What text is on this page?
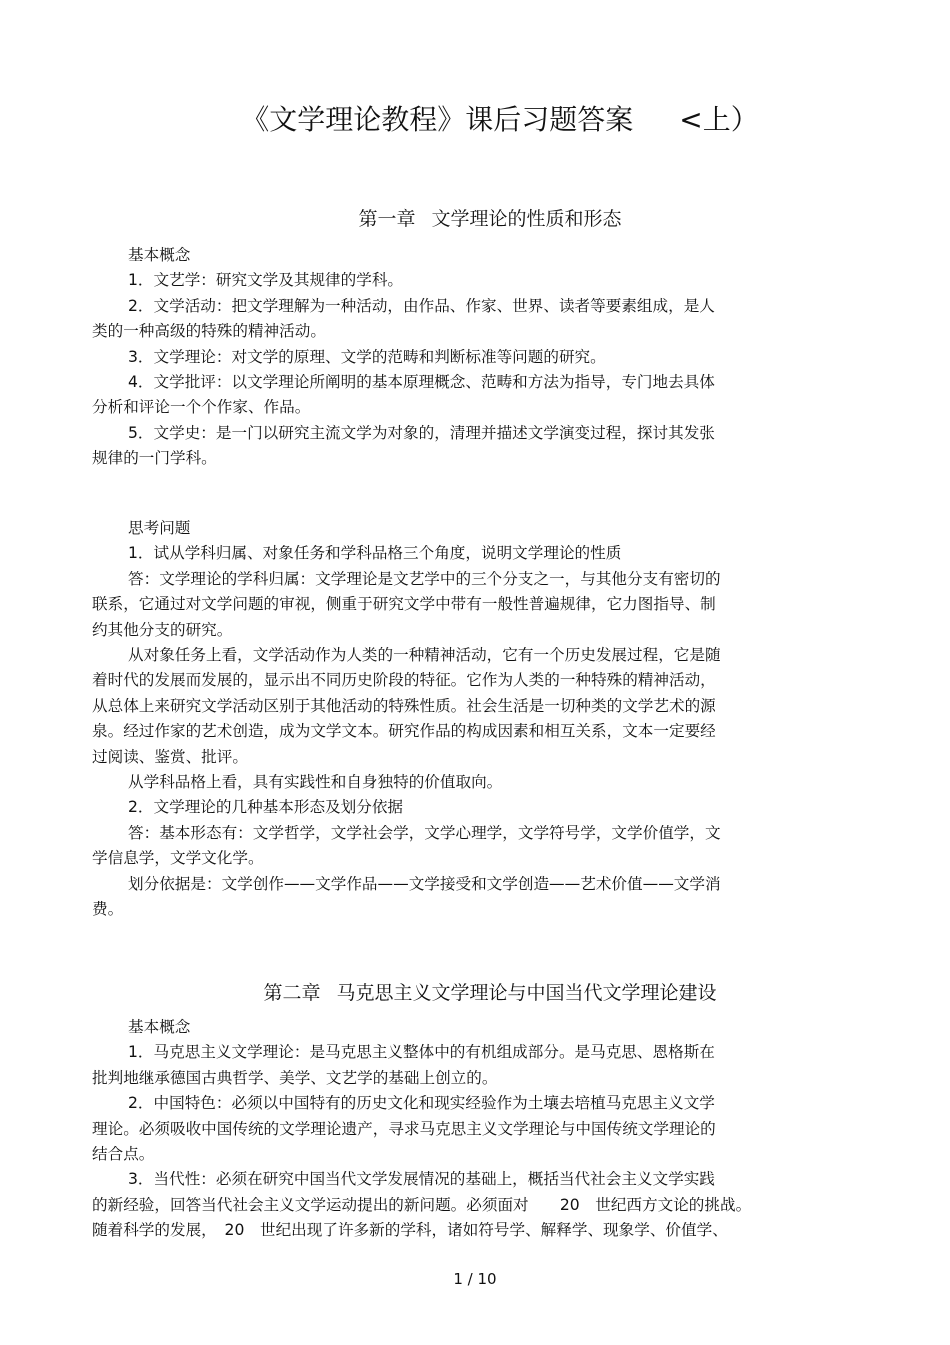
《文学理论教程》课后习题答案 <上）
第一章 文学理论的性质和形态

基本概念

1．文艺学：研究文学及其规律的学科。

2．文学活动：把文学理解为一种活动，由作品、作家、世界、读者等要素组成，是人

类的一种高级的特殊的精神活动。

3．文学理论：对文学的原理、文学的范畴和判断标准等问题的研究。

4．文学批评：以文学理论所阐明的基本原理概念、范畴和方法为指导，专门地去具体

分析和评论一个个作家、作品。

5．文学史：是一门以研究主流文学为对象的，清理并描述文学演变过程，探讨其发张

规律的一门学科。

思考问题

1．试从学科归属、对象任务和学科品格三个角度，说明文学理论的性质

答：文学理论的学科归属：文学理论是文艺学中的三个分支之一，与其他分支有密切的

联系，它通过对文学问题的审视，侧重于研究文学中带有一般性普遍规律，它力图指导、制

约其他分支的研究。

从对象任务上看，文学活动作为人类的一种精神活动，它有一个历史发展过程，它是随

着时代的发展而发展的，显示出不同历史阶段的特征。它作为人类的一种特殊的精神活动，

从总体上来研究文学活动区别于其他活动的特殊性质。社会生活是一切种类的文学艺术的源

泉。经过作家的艺术创造，成为文学文本。研究作品的构成因素和相互关系，文本一定要经

过阅读、鉴赏、批评。

从学科品格上看，具有实践性和自身独特的价值取向。

2．文学理论的几种基本形态及划分依据

答：基本形态有：文学哲学，文学社会学，文学心理学，文学符号学，文学价值学，文

学信息学，文学文化学。

划分依据是：文学创作——文学作品——文学接受和文学创造——艺术价值——文学消

费。

第二章 马克思主义文学理论与中国当代文学理论建设

基本概念

1．马克思主义文学理论：是马克思主义整体中的有机组成部分。是马克思、恩格斯在

批判地继承德国古典哲学、美学、文艺学的基础上创立的。

2．中国特色：必须以中国特有的历史文化和现实经验作为土壤去培植马克思主义文学

理论。必须吸收中国传统的文学理论遗产，寻求马克思主义文学理论与中国传统文学理论的

结合点。

3．当代性：必须在研究中国当代文学发展情况的基础上，概括当代社会主义文学实践

的新经验，回答当代社会主义文学运动提出的新问题。必须面对　　20　世纪西方文论的挑战。

随着科学的发展，　20　世纪出现了许多新的学科，诸如符号学、解释学、现象学、价值学、

1 / 10
